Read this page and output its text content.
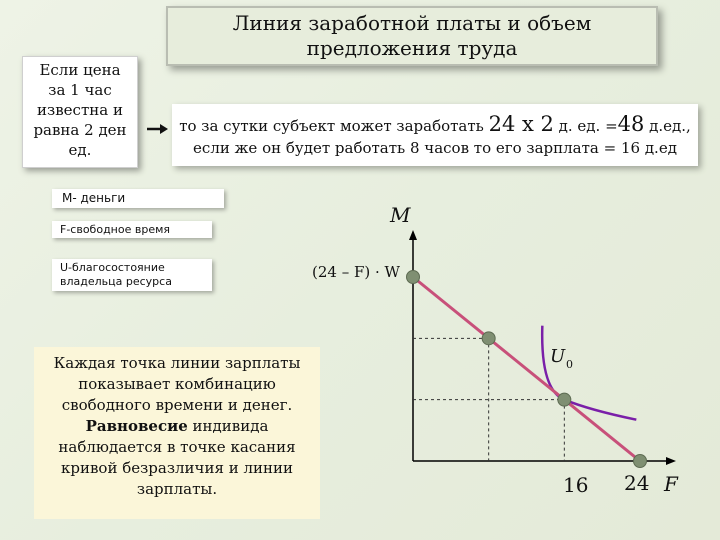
Линия заработной платы и объем предложения труда
Если цена
за 1 час
известна и
равна 2 ден
ед.
то за сутки субъект может заработать 24 х 2 д. ед. =48 д.ед.,
если же он будет работать 8 часов то его зарплата = 16 д.ед
М- деньги
F-свободное время
U-благосостояние
владельца ресурса
Каждая точка линии зарплаты показывает комбинацию свободного времени и денег. Равновесие индивида наблюдается в точке касания кривой безразличия и линии зарплаты.
M
F
(24 – F) · W
U 0
16 24
